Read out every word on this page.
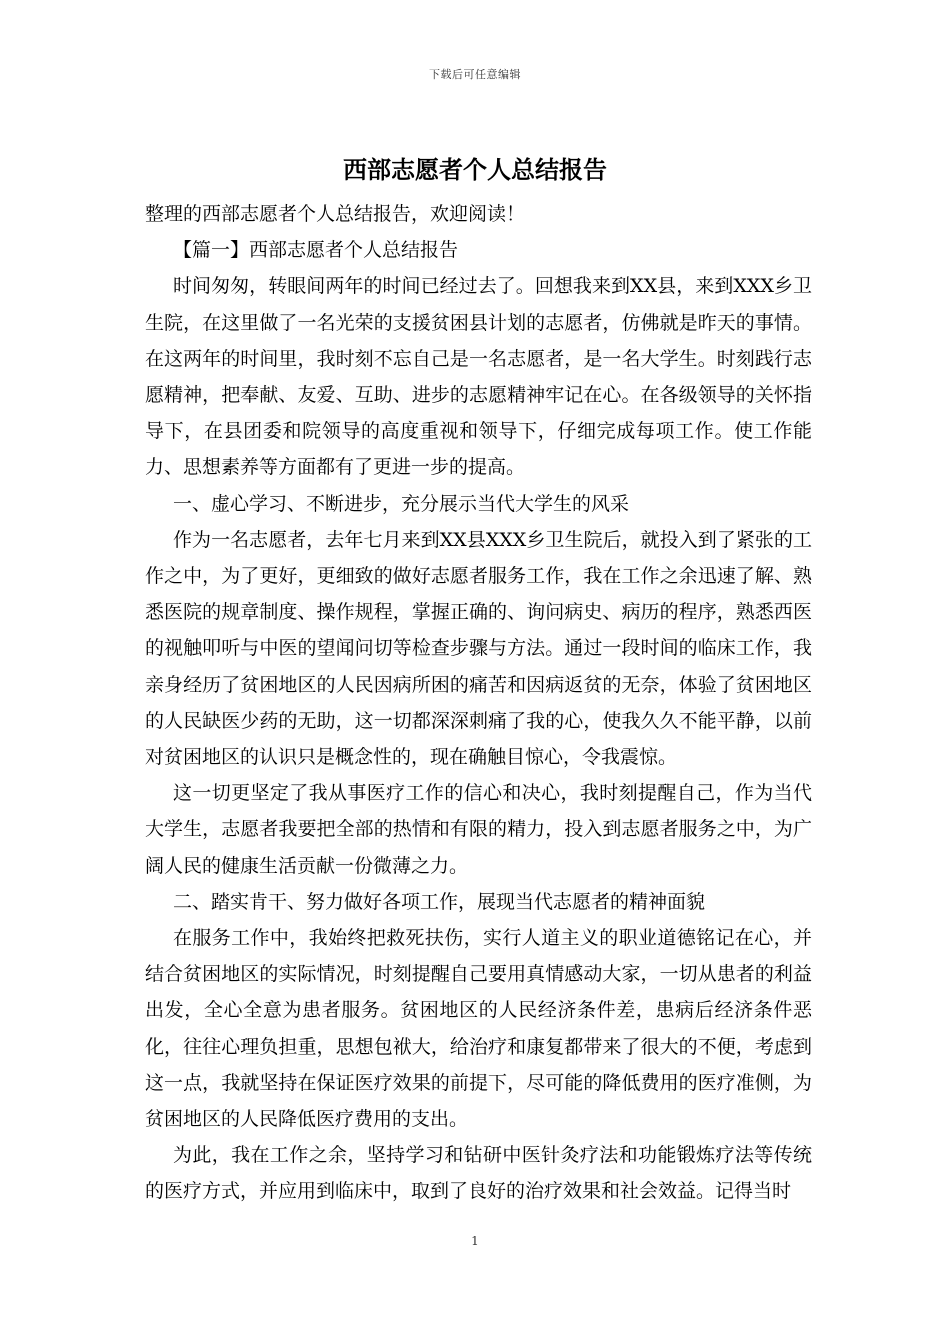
下载后可任意编辑
西部志愿者个人总结报告

整理的西部志愿者个人总结报告，欢迎阅读！

【篇一】西部志愿者个人总结报告

时间匆匆，转眼间两年的时间已经过去了。回想我来到XX县，来到XXX乡卫生院，在这里做了一名光荣的支援贫困县计划的志愿者，仿佛就是昨天的事情。在这两年的时间里，我时刻不忘自己是一名志愿者，是一名大学生。时刻践行志愿精神，把奉献、友爱、互助、进步的志愿精神牢记在心。在各级领导的关怀指导下，在县团委和院领导的高度重视和领导下，仔细完成每项工作。使工作能力、思想素养等方面都有了更进一步的提高。

一、虚心学习、不断进步，充分展示当代大学生的风采

作为一名志愿者，去年七月来到XX县XXX乡卫生院后，就投入到了紧张的工作之中，为了更好，更细致的做好志愿者服务工作，我在工作之余迅速了解、熟悉医院的规章制度、操作规程，掌握正确的、询问病史、病历的程序，熟悉西医的视触叩听与中医的望闻问切等检查步骤与方法。通过一段时间的临床工作，我亲身经历了贫困地区的人民因病所困的痛苦和因病返贫的无奈，体验了贫困地区的人民缺医少药的无助，这一切都深深刺痛了我的心，使我久久不能平静，以前对贫困地区的认识只是概念性的，现在确触目惊心，令我震惊。

这一切更坚定了我从事医疗工作的信心和决心，我时刻提醒自己，作为当代大学生，志愿者我要把全部的热情和有限的精力，投入到志愿者服务之中，为广阔人民的健康生活贡献一份微薄之力。

二、踏实肯干、努力做好各项工作，展现当代志愿者的精神面貌

在服务工作中，我始终把救死扶伤，实行人道主义的职业道德铭记在心，并结合贫困地区的实际情况，时刻提醒自己要用真情感动大家，一切从患者的利益出发，全心全意为患者服务。贫困地区的人民经济条件差，患病后经济条件恶化，往往心理负担重，思想包袱大，给治疗和康复都带来了很大的不便，考虑到这一点，我就坚持在保证医疗效果的前提下，尽可能的降低费用的医疗准侧，为贫困地区的人民降低医疗费用的支出。

为此，我在工作之余，坚持学习和钻研中医针灸疗法和功能锻炼疗法等传统的医疗方式，并应用到临床中，取到了良好的治疗效果和社会效益。记得当时

1
